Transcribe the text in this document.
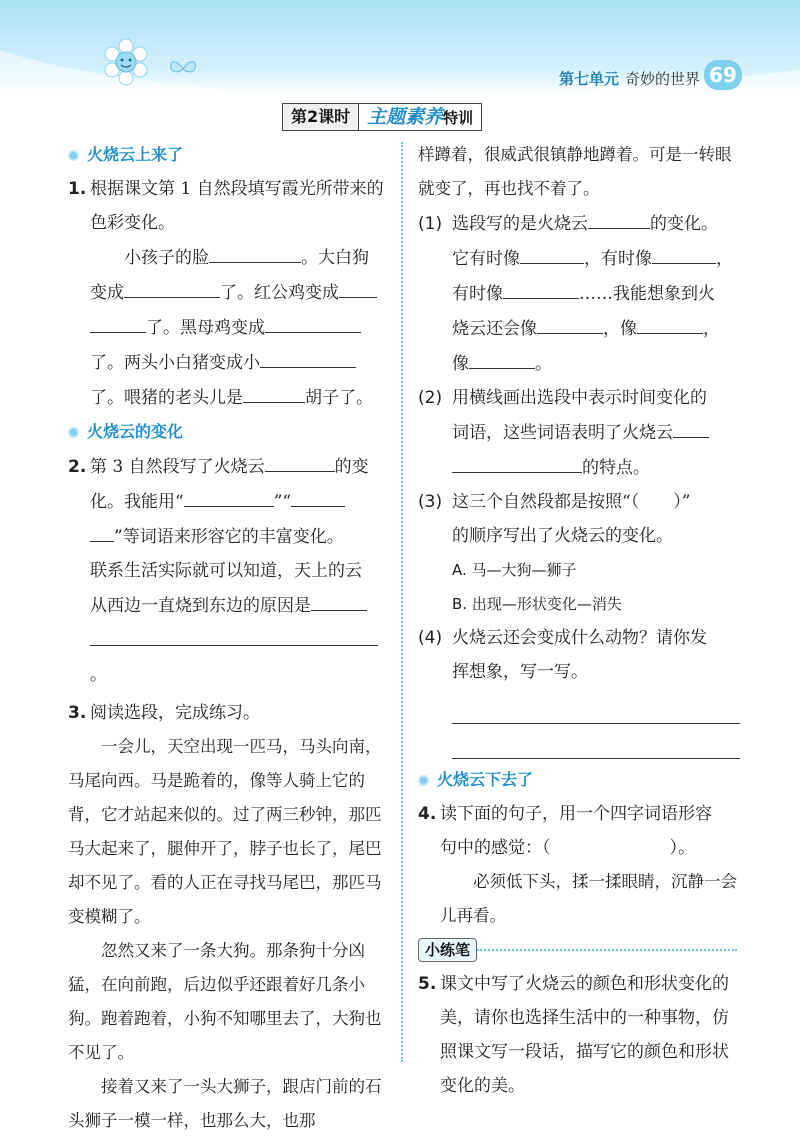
第七单元 奇妙的世界 69
第2课时 主题素养特训
火烧云上来了
1. 根据课文第 1 自然段填写霞光所带来的色彩变化。
小孩子的脸	。大白狗
变成	了。红公鸡变成
了。黑母鸡变成
了。两头小白猪变成小
了。喂猪的老头儿是	胡子了。
火烧云的变化
2. 第 3 自然段写了火烧云	的变
化。我能用“	”“
”等词语来形容它的丰富变化。
联系生活实际就可以知道，天上的云
从西边一直烧到东边的原因是
。
3. 阅读选段，完成练习。
一会儿，天空出现一匹马，马头向南，马尾向西。马是跪着的，像等人骑上它的背，它才站起来似的。过了两三秒钟，那匹马大起来了，腿伸开了，脖子也长了，尾巴却不见了。看的人正在寻找马尾巴，那匹马变模糊了。
忽然又来了一条大狗。那条狗十分凶猛，在向前跑，后边似乎还跟着好几条小狗。跑着跑着，小狗不知哪里去了，大狗也不见了。
接着又来了一头大狮子，跟店门前的石头狮子一模一样，也那么大，也那
样蹲着，很威武很镇静地蹲着。可是一转眼就变了，再也找不着了。
(1) 选段写的是火烧云	的变化。
它有时像	，有时像	，
有时像	……我能想象到火
烧云还会像	，像	，
像	。
(2) 用横线画出选段中表示时间变化的
词语，这些词语表明了火烧云
的特点。
(3) 这三个自然段都是按照“（　　）”
的顺序写出了火烧云的变化。
A. 马—大狗—狮子
B. 出现—形状变化—消失
(4) 火烧云还会变成什么动物？请你发
挥想象，写一写。
火烧云下去了
4. 读下面的句子，用一个四字词语形容
句中的感觉：（　　　　　　　）。
必须低下头，揉一揉眼睛，沉静一会儿再看。
小练笔
5. 课文中写了火烧云的颜色和形状变化的美，请你也选择生活中的一种事物，仿照课文写一段话，描写它的颜色和形状变化的美。
